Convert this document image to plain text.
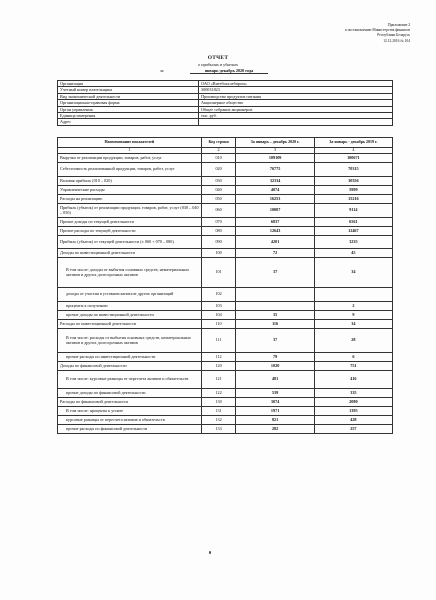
Приложение 2
к постановлению Министерства финансов
Республики Беларусь
12.12.2016 № 104
ОТЧЕТ
о прибылях и убытках
за	январь-декабрь 2020 года
Организация	ОАО «Витебскхлебпром»
Учетный номер плательщика	300031823
Вид экономической деятельности	Производство продуктов питания
Организационно-правовая форма	Акционерное общество
Орган управления	Общее собрание акционеров
Единица измерения	тыс. руб.
Адрес	
Наименование показателей	Код строки	За январь – декабрь 2020 г.	За январь - декабрь 2019 г.
1	2	3	4
Выручка от реализации продукции, товаров, работ, услуг	010	109109	100671
Себестоимость реализованной продукции, товаров, работ, услуг	020	76775	70315
Валовая прибыль (010 – 020)	030	32334	30356
Управленческие расходы	040	4074	5999
Расходы на реализацию	050	16253	15216
Прибыль (убыток) от реализации продукции, товаров, работ, услуг (030 – 040 – 050)	060	10007	9114
Прочие доходы по текущей деятельности	070	6837	6561
Прочие расходы по текущей деятельности	080	12643	12467
Прибыль (убыток) от текущей деятельности (± 060 + 070 – 080)	090	4201	3235
Доходы по инвестиционной деятельности	100	72	45
В том числе: доходы от выбытия основных средств, нематериальных активов и других долгосрочных активов	101	37	34
доходы от участия в уставном капитале других организаций	102		
проценты к получению	103		2
прочие доходы по инвестиционной деятельности	104	35	9
Расходы по инвестиционной деятельности	110	116	34
В том числе: расходы от выбытия основных средств, нематериальных активов и других долгосрочных активов	111	37	28
прочие расходы по инвестиционной деятельности	112	79	6
Доходы по финансовой деятельности	120	1020	751
В том числе: курсовые разницы от пересчета активов и обязательств	121	481	416
прочие доходы по финансовой деятельности	122	539	335
Расходы по финансовой деятельности	130	3074	2080
В том числе: проценты к уплате	131	1971	1395
курсовые разницы от пересчета активов и обязательств	132	821	428
прочие расходы по финансовой деятельности	133	282	257
